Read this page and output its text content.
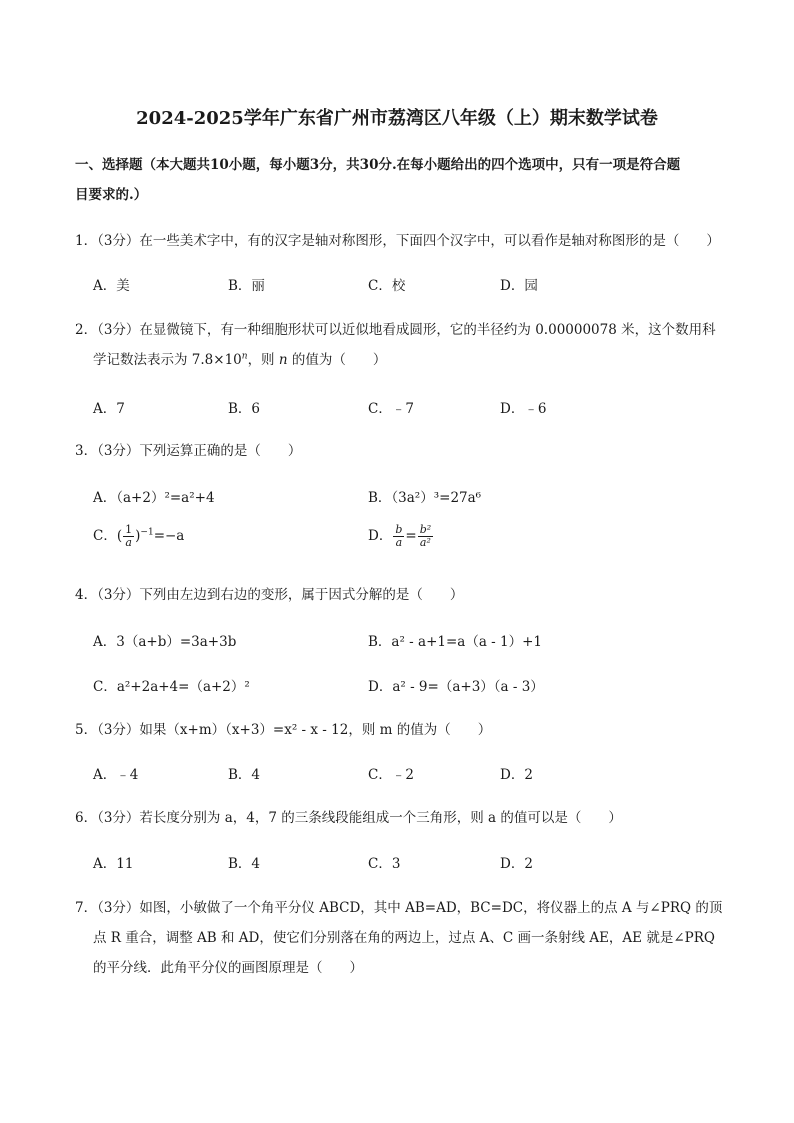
2024-2025学年广东省广州市荔湾区八年级（上）期末数学试卷
一、选择题（本大题共10小题，每小题3分，共30分.在每小题给出的四个选项中，只有一项是符合题
目要求的.）
1．（3分）在一些美术字中，有的汉字是轴对称图形，下面四个汉字中，可以看作是轴对称图形的是（　　）
A．美	B．丽	C．校	D．园
2．（3分）在显微镜下，有一种细胞形状可以近似地看成圆形，它的半径约为 0.00000078 米，这个数用科
学记数法表示为 $7.8\times 10^n$，则 n 的值为（　　）
A．7	B．6	C．﹣7	D．﹣6
3．（3分）下列运算正确的是（　　）
A．（a+2）²=a²+4	B．（3a²）³=27a⁶
C．( $\frac{1}{a} )^{-1}=-a$	D． $\frac{b}{a} = \frac{\text{b²}}{\text{a²}}$
4．（3分）下列由左边到右边的变形，属于因式分解的是（　　）
A．3（a+b）=3a+3b	B．a² - a+1=a（a - 1）+1
C．a²+2a+4=（a+2）²	D．a² - 9=（a+3）（a - 3）
5．（3分）如果（x+m）（x+3）=x² - x - 12，则 m 的值为（　　）
A．﹣4	B．4	C．﹣2	D．2
6．（3分）若长度分别为 a，4，7 的三条线段能组成一个三角形，则 a 的值可以是（　　）
A．11	B．4	C．3	D．2
7．（3分）如图，小敏做了一个角平分仪 ABCD，其中 AB=AD，BC=DC，将仪器上的点 A 与∠PRQ 的顶
点 R 重合，调整 AB 和 AD，使它们分别落在角的两边上，过点 A、C 画一条射线 AE，AE 就是∠PRQ
的平分线．此角平分仪的画图原理是（　　）
